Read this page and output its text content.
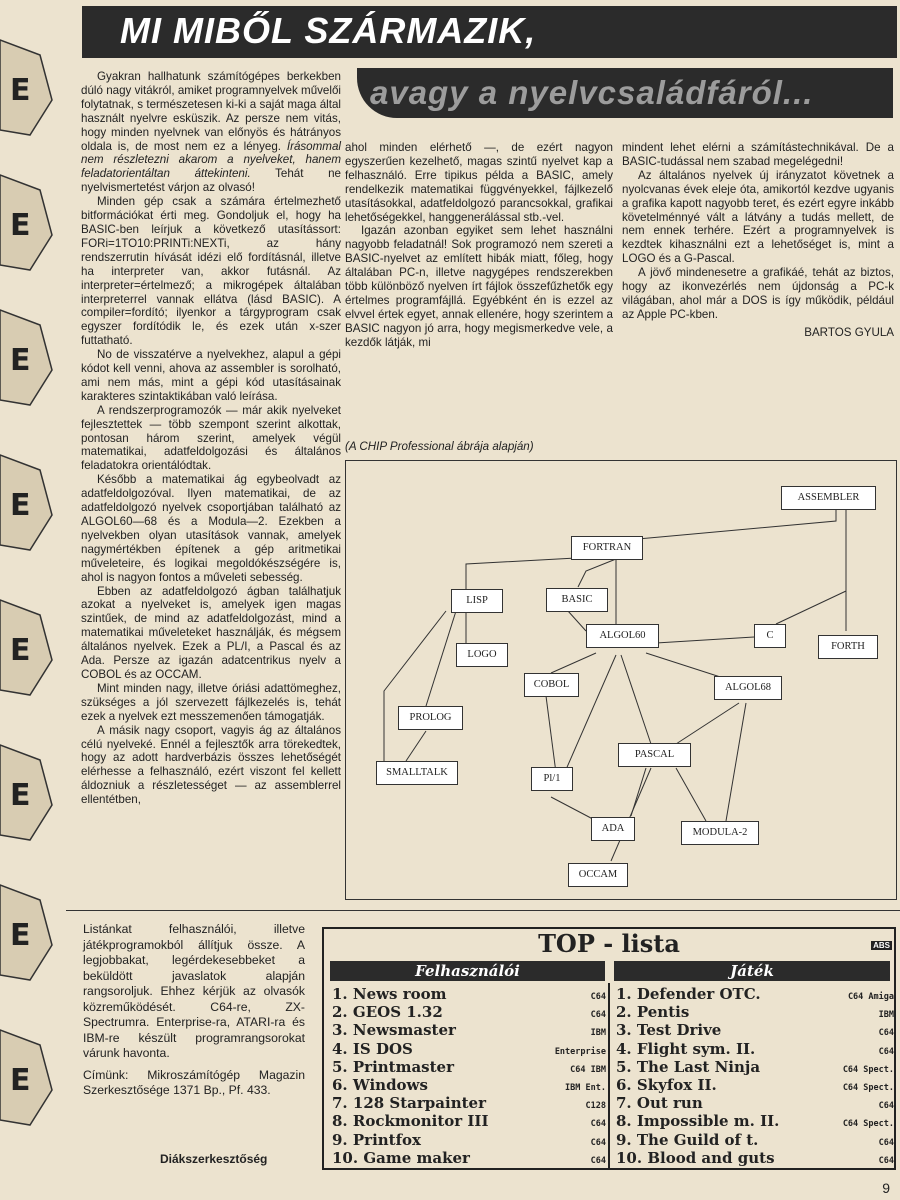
E
E
E
E
E
E
E
E
MI MIBŐL SZÁRMAZIK,
avagy a nyelvcsaládfáról...

Gyakran hallhatunk számítógépes berkekben dúló nagy vitákról, amiket programnyelvek művelői folytatnak, s természetesen ki-ki a saját maga által használt nyelvre esküszik. Az persze nem vitás, hogy minden nyelvnek van előnyös és hátrányos oldala is, de most nem ez a lényeg. Írásommal nem részletezni akarom a nyelveket, hanem feladatorientáltan áttekinteni. Tehát ne nyelvismertetést várjon az olvasó!

Minden gép csak a számára értelmezhető bitformációkat érti meg. Gondoljuk el, hogy ha BASIC-ben leírjuk a következő utasítássort: FORi=1TO10:PRINTi:NEXTi, az hány rendszerrutin hívását idézi elő fordításnál, illetve ha interpreter van, akkor futásnál. Az interpreter=értelmező; a mikrogépek általában interpreterrel vannak ellátva (lásd BASIC). A compiler=fordító; ilyenkor a tárgyprogram csak egyszer fordítódik le, és ezek után x-szer futtatható.

No de visszatérve a nyelvekhez, alapul a gépi kódot kell venni, ahova az assembler is sorolható, ami nem más, mint a gépi kód utasításainak karakteres szintaktikában való leírása.

A rendszerprogramozók — már akik nyelveket fejlesztettek — több szempont szerint alkottak, pontosan három szerint, amelyek végül matematikai, adatfeldolgozási és általános feladatokra orientálódtak.

Később a matematikai ág egybeolvadt az adatfeldolgozóval. Ilyen matematikai, de az adatfeldolgozó nyelvek csoportjában található az ALGOL60—68 és a Modula—2. Ezekben a nyelvekben olyan utasítások vannak, amelyek nagymértékben építenek a gép aritmetikai műveleteire, és logikai megoldókészségére is, ahol is nagyon fontos a műveleti sebesség.

Ebben az adatfeldolgozó ágban találhatjuk azokat a nyelveket is, amelyek igen magas szintűek, de mind az adatfeldolgozást, mind a matematikai műveleteket használják, és mégsem általános nyelvek. Ezek a PL/I, a Pascal és az Ada. Persze az igazán adatcentrikus nyelv a COBOL és az OCCAM.

Mint minden nagy, illetve óriási adattömeghez, szükséges a jól szervezett fájlkezelés is, tehát ezek a nyelvek ezt messzemenően támogatják.

A másik nagy csoport, vagyis ág az általános célú nyelveké. Ennél a fejlesztők arra törekedtek, hogy az adott hardverbázis összes lehetőségét elérhesse a felhasználó, ezért viszont fel kellett áldozniuk a részletességet — az assemblerrel ellentétben,

ahol minden elérhető —, de ezért nagyon egyszerűen kezelhető, magas szintű nyelvet kap a felhasználó. Erre tipikus példa a BASIC, amely rendelkezik matematikai függvényekkel, fájlkezelő utasításokkal, adatfeldolgozó parancsokkal, grafikai lehetőségekkel, hanggenerálással stb.-vel.

Igazán azonban egyiket sem lehet használni nagyobb feladatnál! Sok programozó nem szereti a BASIC-nyelvet az említett hibák miatt, főleg, hogy általában PC-n, illetve nagygépes rendszerekben több különböző nyelven írt fájlok összefűzhetők egy értelmes programfájllá. Egyébként én is ezzel az elvvel értek egyet, annak ellenére, hogy szerintem a BASIC nagyon jó arra, hogy megismerkedve vele, a kezdők látják, mi

mindent lehet elérni a számítástechnikával. De a BASIC-tudással nem szabad megelégedni!

Az általános nyelvek új irányzatot követnek a nyolcvanas évek eleje óta, amikortól kezdve ugyanis a grafika kapott nagyobb teret, és ezért egyre inkább követelménnyé vált a látvány a tudás mellett, de nem ennek terhére. Ezért a programnyelvek is kezdtek kihasználni ezt a lehetőséget is, mint a LOGO és a G-Pascal.

A jövő mindenesetre a grafikáé, tehát az biztos, hogy az ikonvezérlés nem újdonság a PC-k világában, ahol már a DOS is így működik, például az Apple PC-kben.

BARTOS GYULA
(A CHIP Professional ábrája alapján)
ASSEMBLER
FORTRAN
LISP	BASIC
ALGOL60	C
FORTH
LOGO
COBOL	ALGOL68
PROLOG
Pl/1
PASCAL
SMALLTALK
ADA	MODULA-2
OCCAM

Listánkat felhasználói, illetve játékprogramokból állítjuk össze. A legjobbakat, legérdekesebbeket a beküldött javaslatok alapján rangsoroljuk. Ehhez kérjük az olvasók közreműködését. C64-re, ZX-Spectrumra. Enterprise-ra, ATARI-ra és IBM-re készült programrangsorokat várunk havonta.

Címünk: Mikroszámítógép Magazin Szerkesztősége 1371 Bp., Pf. 433.

Diákszerkesztőség
TOP - lista	ABS
Felhasználói	Játék
1. News room	C64
2. GEOS 1.32	C64
3. Newsmaster	IBM
4. IS DOS	Enterprise
5. Printmaster	C64 IBM
6. Windows	IBM Ent.
7. 128 Starpainter	C128
8. Rockmonitor III	C64
9. Printfox	C64
10. Game maker	C64
1. Defender OTC.	C64 Amiga
2. Pentis	IBM
3. Test Drive	C64
4. Flight sym. II.	C64
5. The Last Ninja	C64 Spect.
6. Skyfox II.	C64 Spect.
7. Out run	C64
8. Impossible m. II.	C64 Spect.
9. The Guild of t.	C64
10. Blood and guts	C64
9
